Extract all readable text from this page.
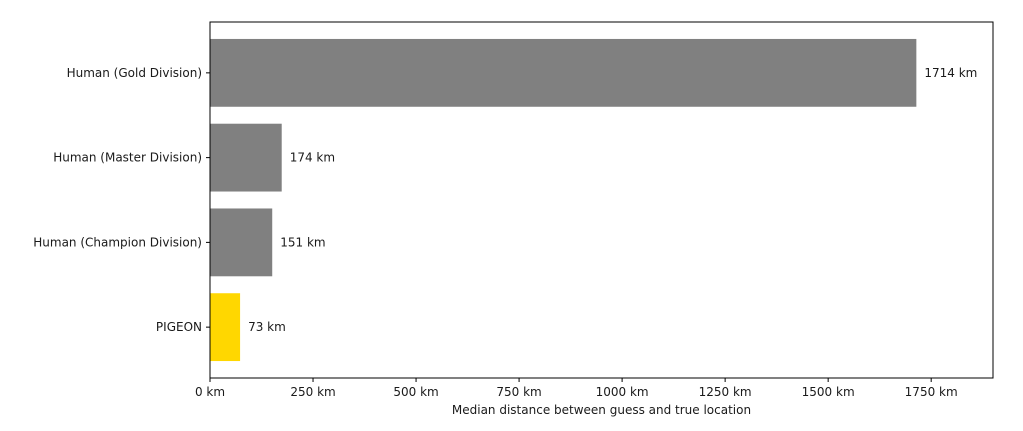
1714 km
174 km
151 km
73 km
Human (Gold Division)
Human (Master Division)
Human (Champion Division)
PIGEON
0 km	250 km	500 km	750 km	1000 km	1250 km	1500 km	1750 km
Median distance between guess and true location
